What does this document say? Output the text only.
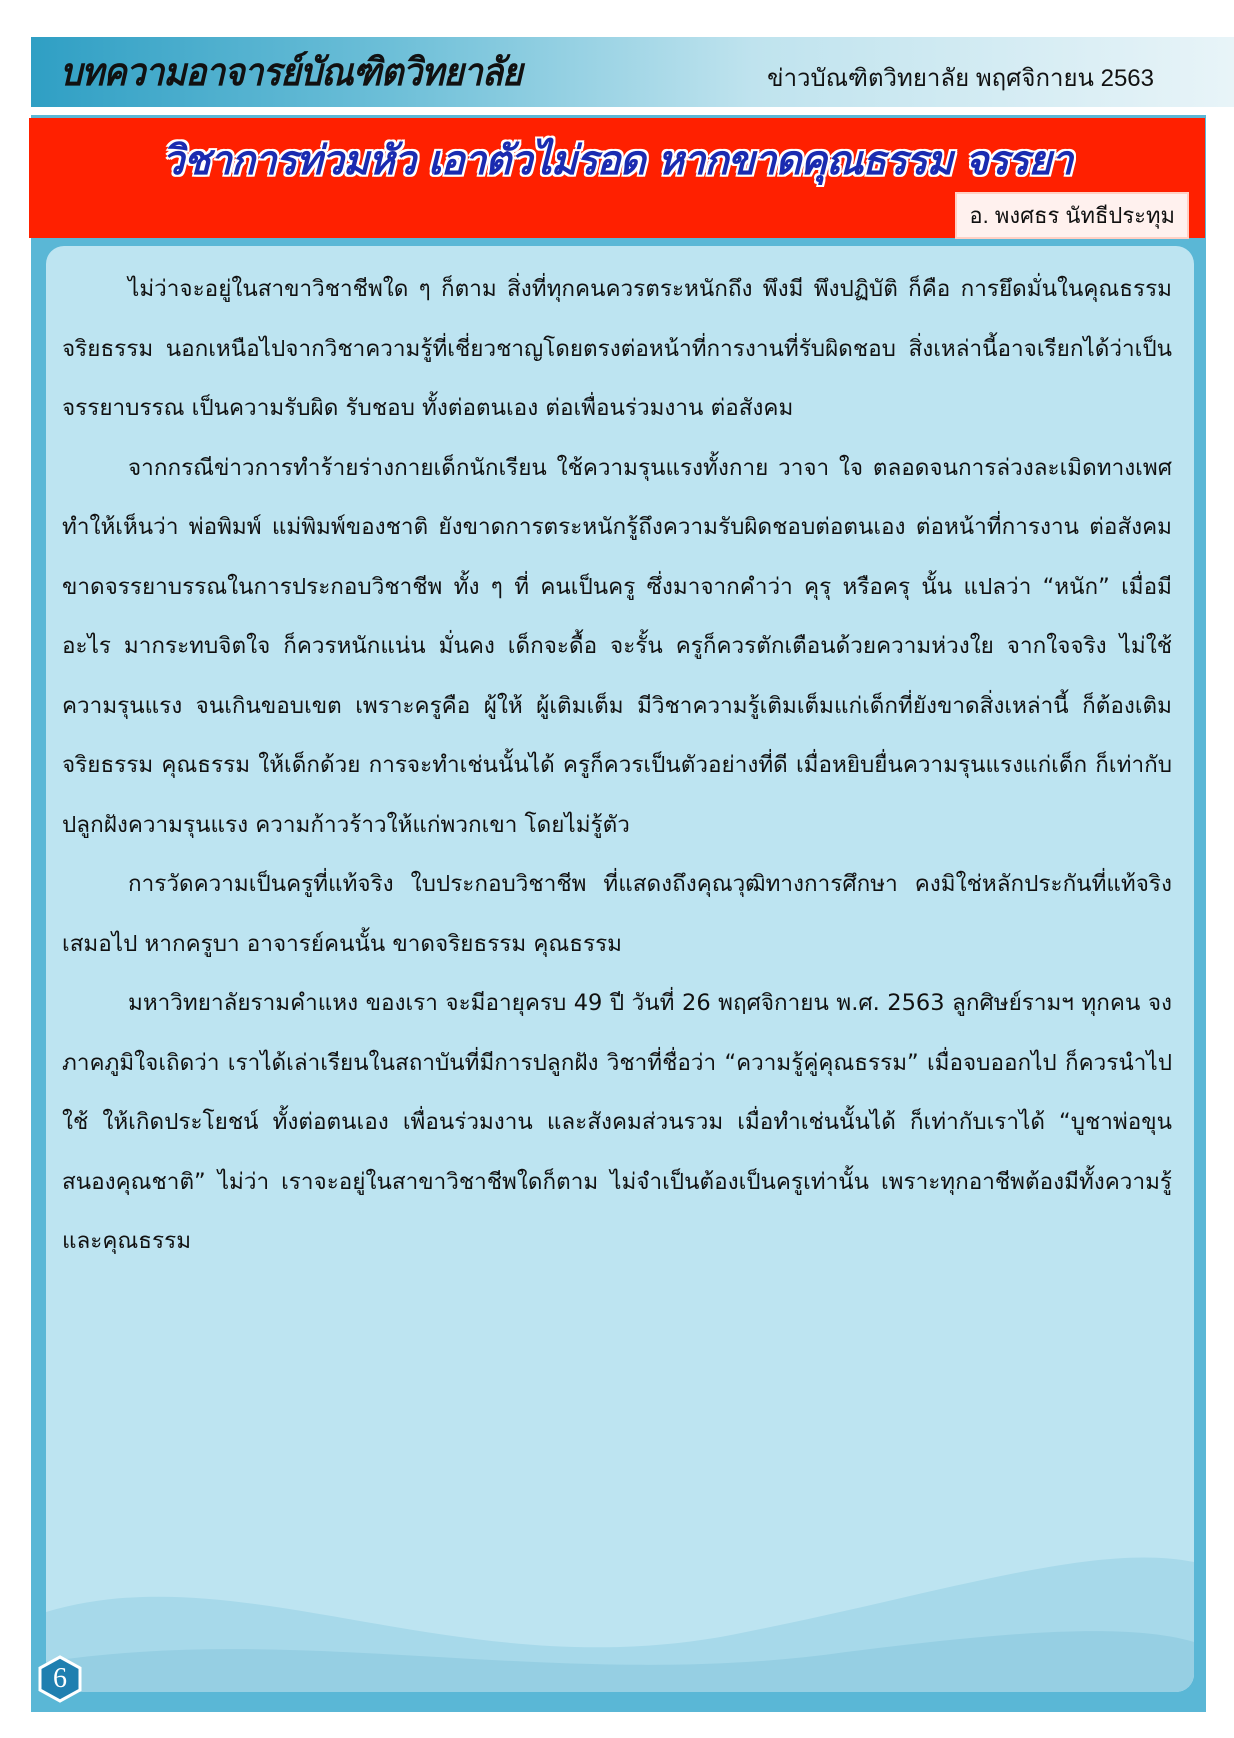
บทความอาจารย์บัณฑิตวิทยาลัย	ข่าวบัณฑิตวิทยาลัย พฤศจิกายน 2563
วิชาการท่วมหัว เอาตัวไม่รอด หากขาดคุณธรรม จรรยา
อ. พงศธร นัทธีประทุม

ไม่ว่าจะอยู่ในสาขาวิชาชีพใด ๆ ก็ตาม สิ่งที่ทุกคนควรตระหนักถึง พึงมี พึงปฏิบัติ ก็คือ การยึดมั่นในคุณธรรม จริยธรรม นอกเหนือไปจากวิชาความรู้ที่เชี่ยวชาญโดยตรงต่อหน้าที่การงานที่รับผิดชอบ สิ่งเหล่านี้อาจเรียกได้ว่าเป็น จรรยาบรรณ เป็นความรับผิด รับชอบ ทั้งต่อตนเอง ต่อเพื่อนร่วมงาน ต่อสังคม

จากกรณีข่าวการทำร้ายร่างกายเด็กนักเรียน ใช้ความรุนแรงทั้งกาย วาจา ใจ ตลอดจนการล่วงละเมิดทางเพศ ทำให้เห็นว่า พ่อพิมพ์ แม่พิมพ์ของชาติ ยังขาดการตระหนักรู้ถึงความรับผิดชอบต่อตนเอง ต่อหน้าที่การงาน ต่อสังคม ขาดจรรยาบรรณในการประกอบวิชาชีพ ทั้ง ๆ ที่ คนเป็นครู ซึ่งมาจากคำว่า คุรุ หรือครุ นั้น แปลว่า “หนัก” เมื่อมีอะไร มากระทบจิตใจ ก็ควรหนักแน่น มั่นคง เด็กจะดื้อ จะรั้น ครูก็ควรตักเตือนด้วยความห่วงใย จากใจจริง ไม่ใช้ความรุนแรง จนเกินขอบเขต เพราะครูคือ ผู้ให้ ผู้เติมเต็ม มีวิชาความรู้เติมเต็มแก่เด็กที่ยังขาดสิ่งเหล่านี้ ก็ต้องเติมจริยธรรม คุณธรรม ให้เด็กด้วย การจะทำเช่นนั้นได้ ครูก็ควรเป็นตัวอย่างที่ดี เมื่อหยิบยื่นความรุนแรงแก่เด็ก ก็เท่ากับปลูกฝังความรุนแรง ความก้าวร้าวให้แก่พวกเขา โดยไม่รู้ตัว

การวัดความเป็นครูที่แท้จริง ใบประกอบวิชาชีพ ที่แสดงถึงคุณวุฒิทางการศึกษา คงมิใช่หลักประกันที่แท้จริงเสมอไป หากครูบา อาจารย์คนนั้น ขาดจริยธรรม คุณธรรม

มหาวิทยาลัยรามคำแหง ของเรา จะมีอายุครบ 49 ปี วันที่ 26 พฤศจิกายน พ.ศ. 2563 ลูกศิษย์รามฯ ทุกคน จงภาคภูมิใจเถิดว่า เราได้เล่าเรียนในสถาบันที่มีการปลูกฝัง วิชาที่ชื่อว่า “ความรู้คู่คุณธรรม” เมื่อจบออกไป ก็ควรนำไปใช้ ให้เกิดประโยชน์ ทั้งต่อตนเอง เพื่อนร่วมงาน และสังคมส่วนรวม เมื่อทำเช่นนั้นได้ ก็เท่ากับเราได้ “บูชาพ่อขุน สนองคุณชาติ” ไม่ว่า เราจะอยู่ในสาขาวิชาชีพใดก็ตาม ไม่จำเป็นต้องเป็นครูเท่านั้น เพราะทุกอาชีพต้องมีทั้งความรู้และคุณธรรม

6
